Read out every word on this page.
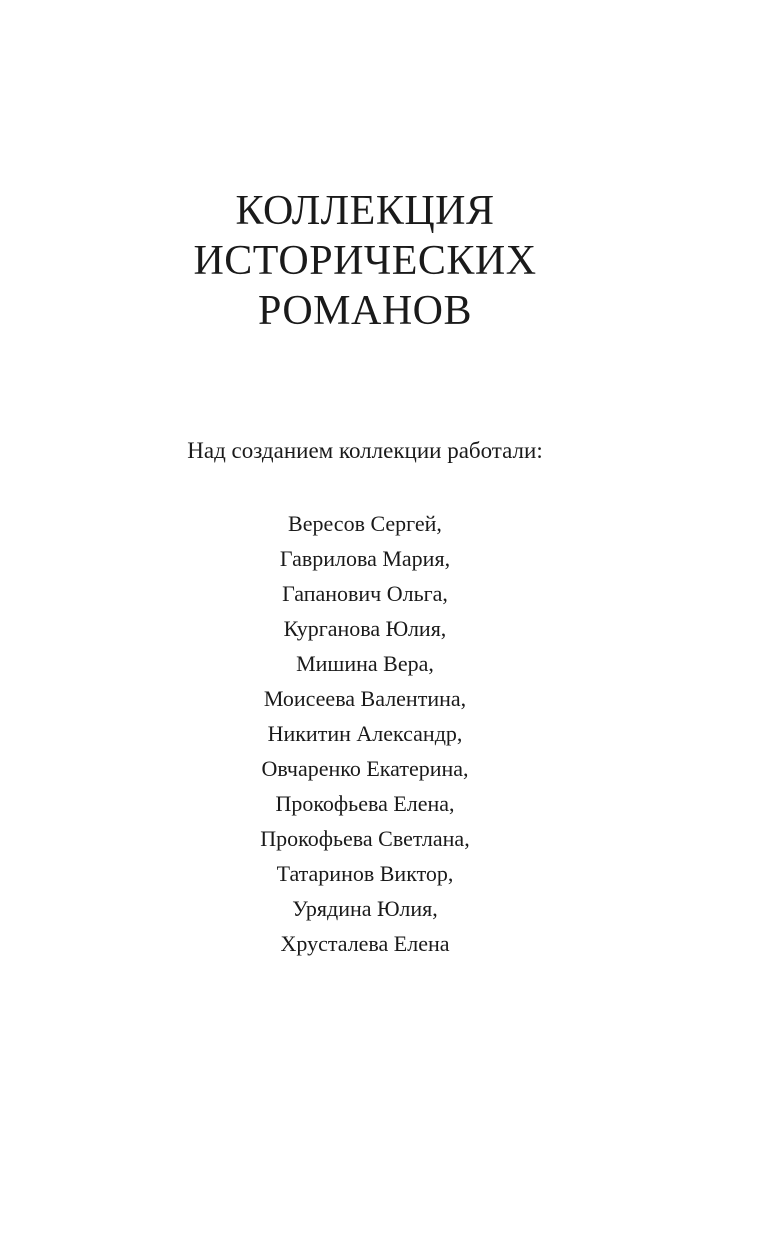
КОЛЛЕКЦИЯ
ИСТОРИЧЕСКИХ
РОМАНОВ
Над созданием коллекции работали:
Вересов Сергей,
Гаврилова Мария,
Гапанович Ольга,
Курганова Юлия,
Мишина Вера,
Моисеева Валентина,
Никитин Александр,
Овчаренко Екатерина,
Прокофьева Елена,
Прокофьева Светлана,
Татаринов Виктор,
Урядина Юлия,
Хрусталева Елена
